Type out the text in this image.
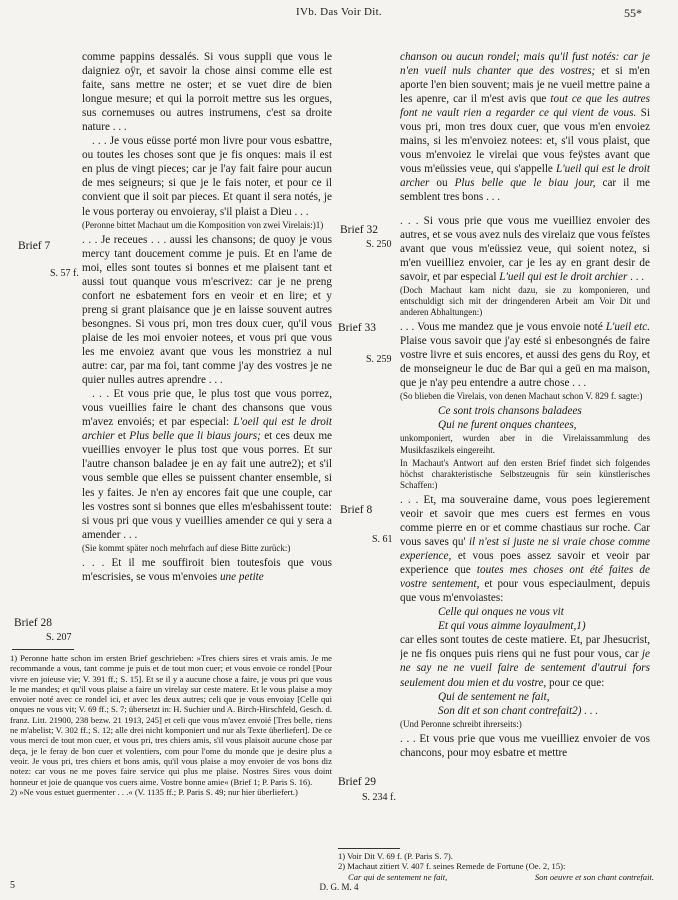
IVb. Das Voir Dit.	55*
Brief 7
S. 57 f.
Brief 28
S. 207
Brief 32
S. 250
Brief 33
S. 259
Brief 8
S. 61
Brief 29
S. 234 f.

comme pappins dessalés. Si vous suppli que vous le daigniez oÿr, et savoir la chose ainsi comme elle est faite, sans mettre ne oster; et se vuet dire de bien longue mesure; et qui la porroit mettre sus les orgues, sus cornemuses ou autres instrumens, c'est sa droite nature . . .

. . . Je vous eüsse porté mon livre pour vous esbattre, ou toutes les choses sont que je fis onques: mais il est en plus de vingt pieces; car je l'ay fait faire pour aucun de mes seigneurs; si que je le fais noter, et pour ce il convient que il soit par pieces. Et quant il sera notés, je le vous porteray ou envoieray, s'il plaist a Dieu . . .

(Peronne bittet Machaut um die Komposition von zwei Virelais:)1)

. . . Je receues . . . aussi les chansons; de quoy je vous mercy tant doucement comme je puis. Et en l'ame de moi, elles sont toutes si bonnes et me plaisent tant et aussi tout quanque vous m'escrivez: car je ne preng confort ne esbatement fors en veoir et en lire; et y preng si grant plaisance que je en laisse souvent autres besongnes. Si vous pri, mon tres doux cuer, qu'il vous plaise de les moi envoier notees, et vous pri que vous les me envoiez avant que vous les monstriez a nul autre: car, par ma foi, tant comme j'ay des vostres je ne quier nulles autres aprendre . . .

. . . Et vous prie que, le plus tost que vous porrez, vous vueillies faire le chant des chansons que vous m'avez envoiés; et par especial: L'oeil qui est le droit archier et Plus belle que li biaus jours; et ces deux me vueillies envoyer le plus tost que vous porres. Et sur l'autre chanson baladee je en ay fait une autre2); et s'il vous semble que elles se puissent chanter ensemble, si les y faites. Je n'en ay encores fait que une couple, car les vostres sont si bonnes que elles m'esbahissent toute: si vous pri que vous y vueillies amender ce qui y sera a amender . . .

(Sie kommt später noch mehrfach auf diese Bitte zurück:)

. . . Et il me souffiroit bien toutesfois que vous m'escrisies, se vous m'envoies une petite

1) Peronne hatte schon im ersten Brief geschrieben: »Tres chiers sires et vrais amis. Je me recommande a vous, tant comme je puis et de tout mon cuer; et vous envoie ce rondel [Pour vivre en joieuse vie; V. 391 ff.; S. 15]. Et se il y a aucune chose a faire, je vous pri que vous le me mandes; et qu'il vous plaise a faire un virelay sur ceste matere. Et le vous plaise a moy envoier noté avec ce rondel ici, et avec les deux autres; celi que je vous envoiay [Celle qui onques ne vous vit; V. 69 ff.; S. 7; übersetzt in: H. Suchier und A. Birch-Hirschfeld, Gesch. d. franz. Litt. 21900, 238 bezw. 21 1913, 245] et celi que vous m'avez envoié [Tres belle, riens ne m'abelist; V. 302 ff.; S. 12; alle drei nicht komponiert und nur als Texte überliefert]. De ce vous merci de tout mon cuer, et vous pri, tres chiers amis, s'il vous plaisoit aucune chose par deça, je le feray de bon cuer et volentiers, com pour l'ome du monde que je desire plus a veoir. Je vous pri, tres chiers et bons amis, qu'il vous plaise a moy envoier de vos bons diz notez: car vous ne me poves faire service qui plus me plaise. Nostres Sires vous doint honneur et joie de quanque vos cuers aime. Vostre bonne amie« (Brief 1; P. Paris S. 16).

2) »Ne vous estuet guermenter . . .« (V. 1135 ff.; P. Paris S. 49; nur hier überliefert.)

chanson ou aucun rondel; mais qu'il fust notés: car je n'en vueil nuls chanter que des vostres; et si m'en aporte l'en bien souvent; mais je ne vueil mettre paine a les apenre, car il m'est avis que tout ce que les autres font ne vault rien a regarder ce qui vient de vous. Si vous pri, mon tres doux cuer, que vous m'en envoiez mains, si les m'envoiez notees: et, s'il vous plaist, que vous m'envoiez le virelai que vous feÿstes avant que vous m'eüssies veue, qui s'appelle L'ueil qui est le droit archer ou Plus belle que le biau jour, car il me semblent tres bons . . .

. . . Si vous prie que vous me vueilliez envoier des autres, et se vous avez nuls des virelaiz que vous feïstes avant que vous m'eüssiez veue, qui soient notez, si m'en vueilliez envoier, car je les ay en grant desir de savoir, et par especial L'ueil qui est le droit archier . . .

(Doch Machaut kam nicht dazu, sie zu komponieren, und entschuldigt sich mit der dringenderen Arbeit am Voir Dit und anderen Abhaltungen:)

. . . Vous me mandez que je vous envoie noté L'ueil etc. Plaise vous savoir que j'ay esté si enbesongnés de faire vostre livre et suis encores, et aussi des gens du Roy, et de monseigneur le duc de Bar qui a geü en ma maison, que je n'ay peu entendre a autre chose . . .

(So blieben die Virelais, von denen Machaut schon V. 829 f. sagte:)

Ce sont trois chansons baladees

Qui ne furent onques chantees,

unkomponiert, wurden aber in die Virelaissammlung des Musikfaszikels eingereiht.

In Machaut's Antwort auf den ersten Brief findet sich folgendes höchst charakteristische Selbstzeugnis für sein künstlerisches Schaffen:)

. . . Et, ma souveraine dame, vous poes legierement veoir et savoir que mes cuers est fermes en vous comme pierre en or et comme chastiaus sur roche. Car vous saves qu' il n'est si juste ne si vraie chose comme experience, et vous poes assez savoir et veoir par experience que toutes mes choses ont été faites de vostre sentement, et pour vous especiaulment, depuis que vous m'envoiastes:

Celle qui onques ne vous vit

Et qui vous aimme loyaulment,1)

car elles sont toutes de ceste matiere. Et, par Jhesucrist, je ne fis onques puis riens qui ne fust pour vous, car je ne say ne ne vueil faire de sentement d'autrui fors seulement dou mien et du vostre, pour ce que:

Qui de sentement ne fait,

Son dit et son chant contrefait2) . . .

(Und Peronne schreibt ihrerseits:)

. . . Et vous prie que vous me vueilliez envoier de vos chancons, pour moy esbatre et mettre

1) Voir Dit V. 69 f. (P. Paris S. 7).

2) Machaut zitiert V. 407 f. seines Remede de Fortune (Oe. 2, 15):

Car qui de sentement ne fait,	Son oeuvre et son chant contrefait.

D. G. M. 4
5
